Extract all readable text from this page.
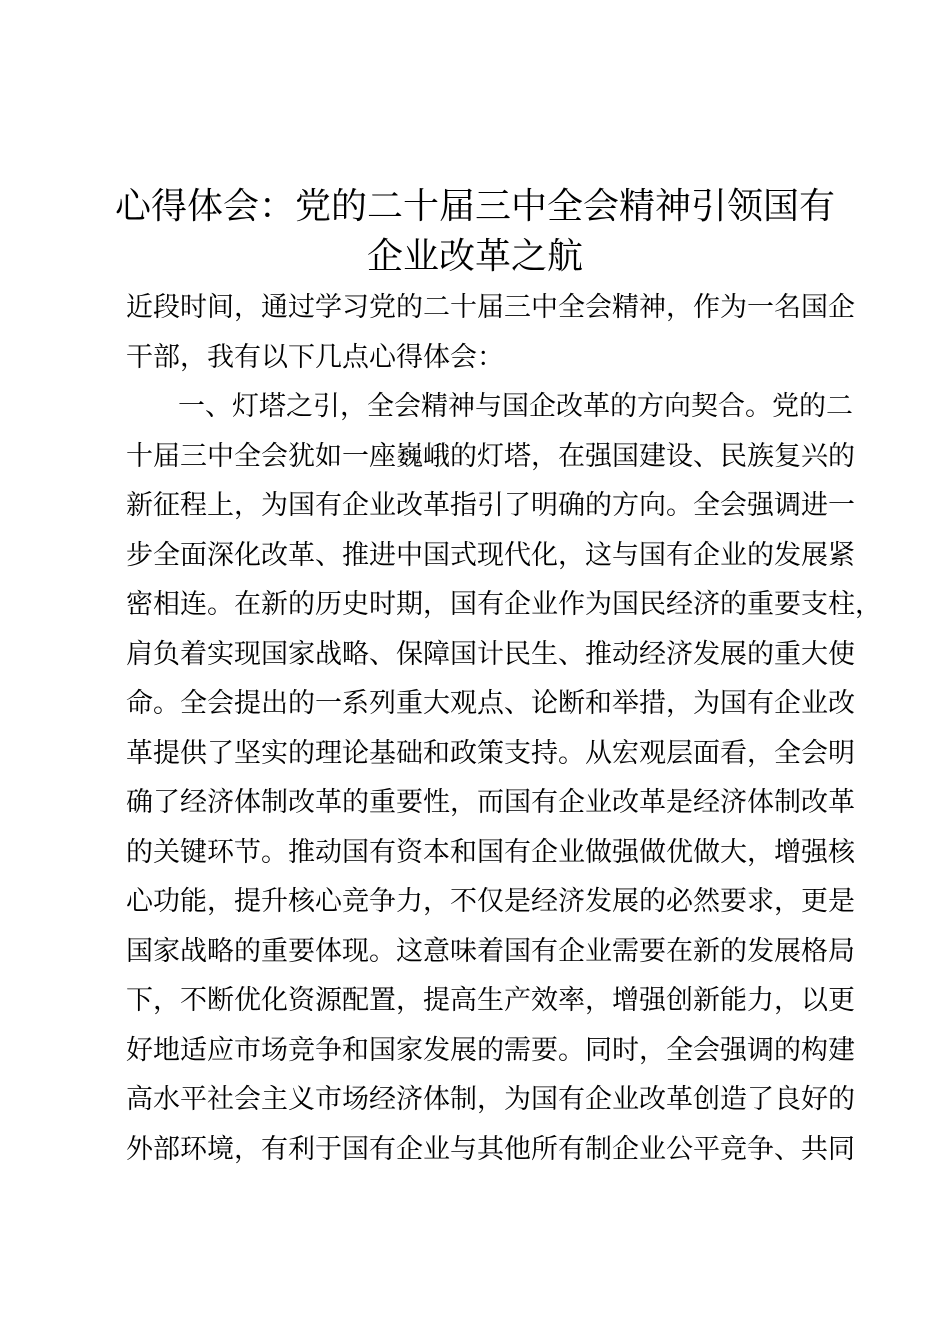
心得体会：党的二十届三中全会精神引领国有
企业改革之航
近段时间，通过学习党的二十届三中全会精神，作为一名国企
干部，我有以下几点心得体会：
一、灯塔之引，全会精神与国企改革的方向契合。党的二
十届三中全会犹如一座巍峨的灯塔，在强国建设、民族复兴的
新征程上，为国有企业改革指引了明确的方向。全会强调进一
步全面深化改革、推进中国式现代化，这与国有企业的发展紧
密相连。在新的历史时期，国有企业作为国民经济的重要支柱，
肩负着实现国家战略、保障国计民生、推动经济发展的重大使
命。全会提出的一系列重大观点、论断和举措，为国有企业改
革提供了坚实的理论基础和政策支持。从宏观层面看，全会明
确了经济体制改革的重要性，而国有企业改革是经济体制改革
的关键环节。推动国有资本和国有企业做强做优做大，增强核
心功能，提升核心竞争力，不仅是经济发展的必然要求，更是
国家战略的重要体现。这意味着国有企业需要在新的发展格局
下，不断优化资源配置，提高生产效率，增强创新能力，以更
好地适应市场竞争和国家发展的需要。同时，全会强调的构建
高水平社会主义市场经济体制，为国有企业改革创造了良好的
外部环境，有利于国有企业与其他所有制企业公平竞争、共同
